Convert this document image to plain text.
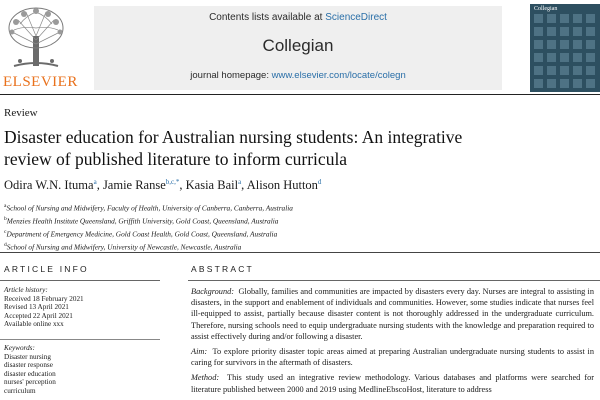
ELSEVIER
Contents lists available at ScienceDirect
Collegian
journal homepage: www.elsevier.com/locate/colegn
Collegian
Review
Disaster education for Australian nursing students: An integrative
review of published literature to inform curricula
Odira W.N. Ituma$^a$, Jamie Ranse$^{b,c,*}$, Kasia Bail$^a$, Alison Hutton$^d$
$^a$School of Nursing and Midwifery, Faculty of Health, University of Canberra, Canberra, Australia
$^b$Menzies Health Institute Queensland, Griffith University, Gold Coast, Queensland, Australia
$^c$Department of Emergency Medicine, Gold Coast Health, Gold Coast, Queensland, Australia
$^d$School of Nursing and Midwifery, University of Newcastle, Newcastle, Australia
ARTICLE INFO
Article history:
Received 18 February 2021
Revised 13 April 2021
Accepted 22 April 2021
Available online xxx
Keywords:
Disaster nursing
disaster response
disaster education
nurses' perception
curriculum
ABSTRACT

Background: Globally, families and communities are impacted by disasters every day. Nurses are integral to assisting in disasters, in the support and enablement of individuals and communities. However, some studies indicate that nurses feel ill-equipped to assist, partially because disaster content is not thoroughly addressed in the undergraduate curriculum. Therefore, nursing schools need to equip undergraduate nursing students with the knowledge and preparation required to assist effectively during and/or following a disaster.

Aim: To explore priority disaster topic areas aimed at preparing Australian undergraduate nursing students to assist in caring for survivors in the aftermath of disasters.

Method: This study used an integrative review methodology. Various databases and platforms were searched for literature published between 2000 and 2019 using MedlineEbscoHost, literature to address
